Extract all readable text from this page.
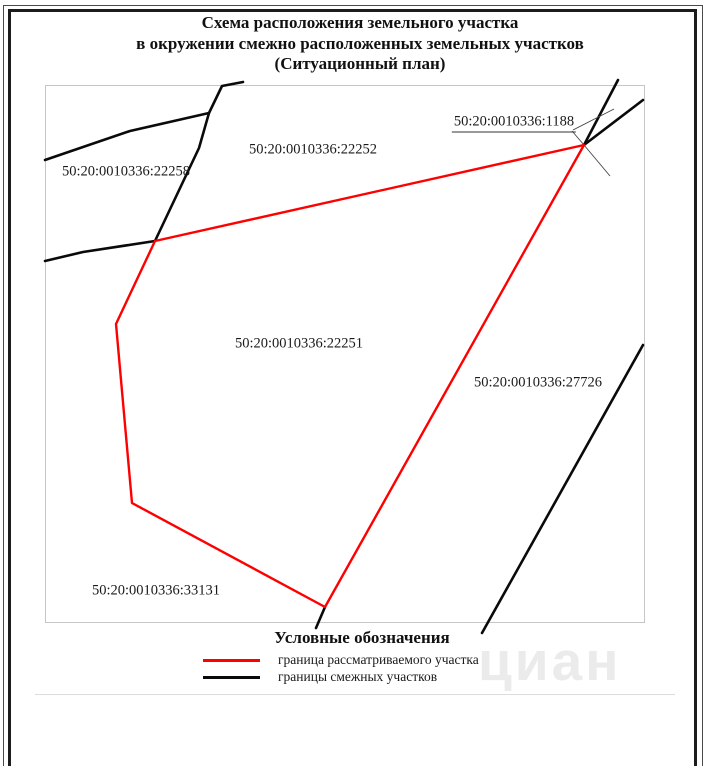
циан
Схема расположения земельного участка
в окружении смежно расположенных земельных участков
(Ситуационный план)
50:20:0010336:22258
50:20:0010336:22252
50:20:0010336:1188
50:20:0010336:22251
50:20:0010336:27726
50:20:0010336:33131
Условные обозначения
граница рассматриваемого участка
границы смежных участков
